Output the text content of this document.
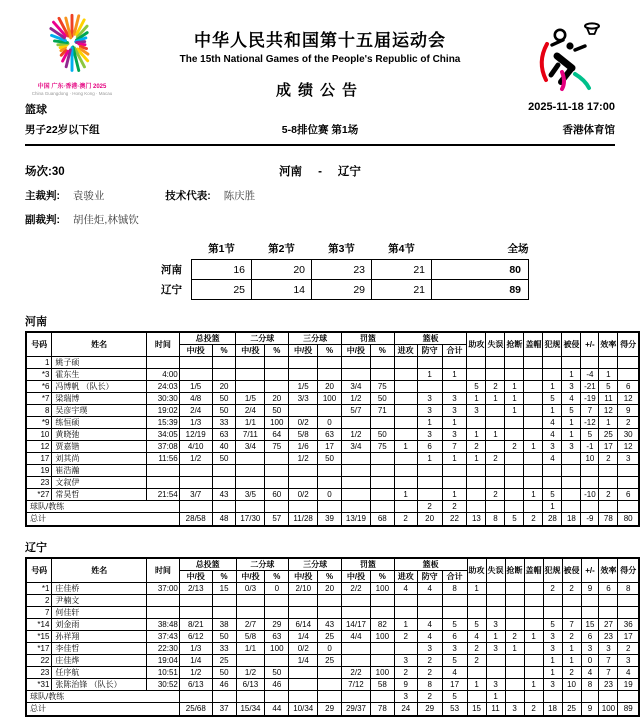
中国 广东·香港·澳门 2025
China Guangdong · Hong Kong · Macau
中华人民共和国第十五届运动会
The 15th National Games of the People's Republic of China
成绩公告
篮球	2025-11-18 17:00
男子22岁以下组	5-8排位赛 第1场	香港体育馆
场次:30	河南 - 辽宁
主裁判: 袁骏业	技术代表: 陈庆胜
副裁判: 胡佳炬,林铖钦
	第1节	第2节	第3节	第4节	全场
河南	16	20	23	21	80
辽宁	25	14	29	21	89
河南
号码	姓名	时间	总投篮		二分球		三分球		罚篮		篮板			助攻	失误	抢断	盖帽	犯规	被侵	+/-	效率	得分
			中/投	%	中/投	%	中/投	%	中/投	%	进攻	防守	合计									
1	姚子硕																					
*3	霍东生	4:00										1	1						1	-4	1	
*6	冯博帆 （队长）	24:03	1/5	20			1/5	20	3/4	75				5	2	1		1	3	-21	5	6
*7	梁瑞博	30:30	4/8	50	1/5	20	3/3	100	1/2	50		3	3	1	1	1		5	4	-19	11	12
8	吴彦宇璞	19:02	2/4	50	2/4	50			5/7	71		3	3	3		1		1	5	7	12	9
*9	练恒硕	15:39	1/3	33	1/1	100	0/2	0				1	1					4	1	-12	1	2
10	黄晓弛	34:05	12/19	63	7/11	64	5/8	63	1/2	50		3	3	1	1			4	1	5	25	30
12	贾嘉锴	37:08	4/10	40	3/4	75	1/6	17	3/4	75	1	6	7	2		2	1	3	3	-1	17	12
17	刘其尚	11:56	1/2	50			1/2	50				1	1	1	2			4		10	2	3
19	崔浩瀚																					
23	文叙伊																					
*27	常昊哲	21:54	3/7	43	3/5	60	0/2	0			1		1		2		1	5		-10	2	6
球队/教练												2	2					1				
总计			28/58	48	17/30	57	11/28	39	13/19	68	2	20	22	13	8	5	2	28	18	-9	78	80
辽宁
号码	姓名	时间	总投篮		二分球		三分球		罚篮		篮板			助攻	失误	抢断	盖帽	犯规	被侵	+/-	效率	得分
			中/投	%	中/投	%	中/投	%	中/投	%	进攻	防守	合计									
*1	庄佳桥	37:00	2/13	15	0/3	0	2/10	20	2/2	100	4	4	8	1				2	2	9	6	8
2	尹楠文																					
7	何佳轩																					
*14	刘金雨	38:48	8/21	38	2/7	29	6/14	43	14/17	82	1	4	5	5	3			5	7	15	27	36
*15	孙祥翔	37:43	6/12	50	5/8	63	1/4	25	4/4	100	2	4	6	4	1	2	1	3	2	6	23	17
*17	李佳哲	22:30	1/3	33	1/1	100	0/2	0				3	3	2	3	1		3	1	3	3	2
22	庄佳烨	19:04	1/4	25			1/4	25			3	2	5	2				1	1	0	7	3
23	任序航	10:51	1/2	50	1/2	50			2/2	100	2	2	4					1	2	4	7	4
*31	张陈治锋 （队长）	30:52	6/13	46	6/13	46			7/12	58	9	8	17	1	3		1	3	10	8	23	19
球队/教练											3	2	5		1							
总计			25/68	37	15/34	44	10/34	29	29/37	78	24	29	53	15	11	3	2	18	25	9	100	89
